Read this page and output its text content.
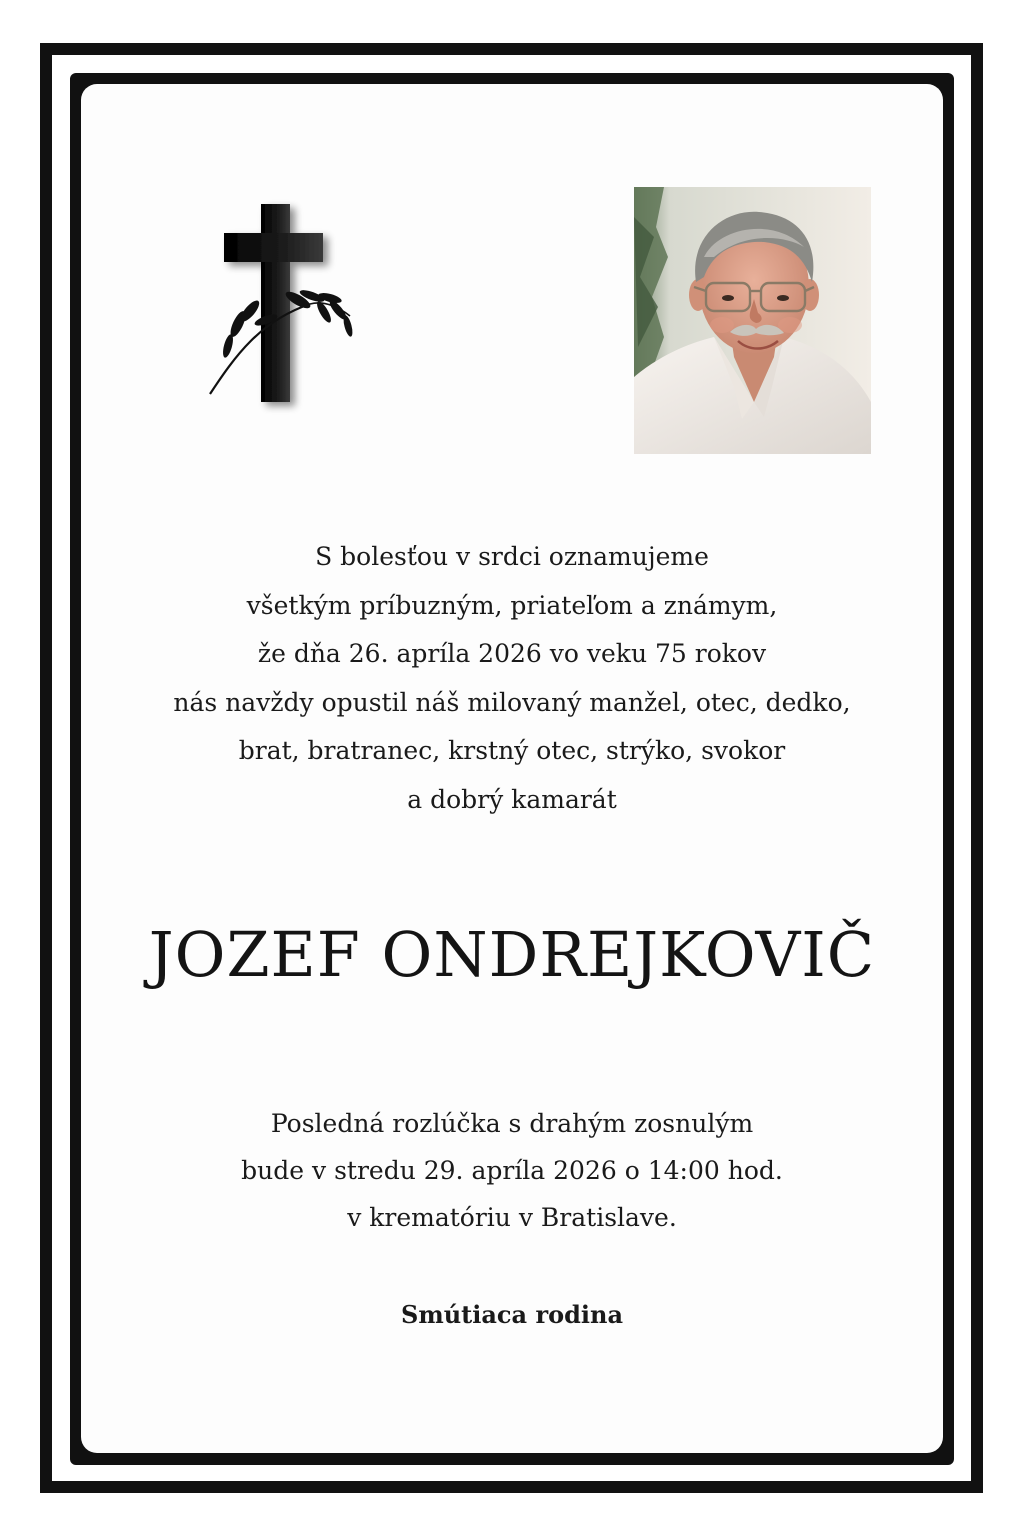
S bolesťou v srdci oznamujeme
všetkým príbuzným, priateľom a známym,
že dňa 26. apríla 2026 vo veku 75 rokov
nás navždy opustil náš milovaný manžel, otec, dedko,
brat, bratranec, krstný otec, strýko, svokor
a dobrý kamarát
JOZEF ONDREJKOVIČ
Posledná rozlúčka s drahým zosnulým
bude v stredu 29. apríla 2026 o 14:00 hod.
v krematóriu v Bratislave.
Smútiaca rodina
